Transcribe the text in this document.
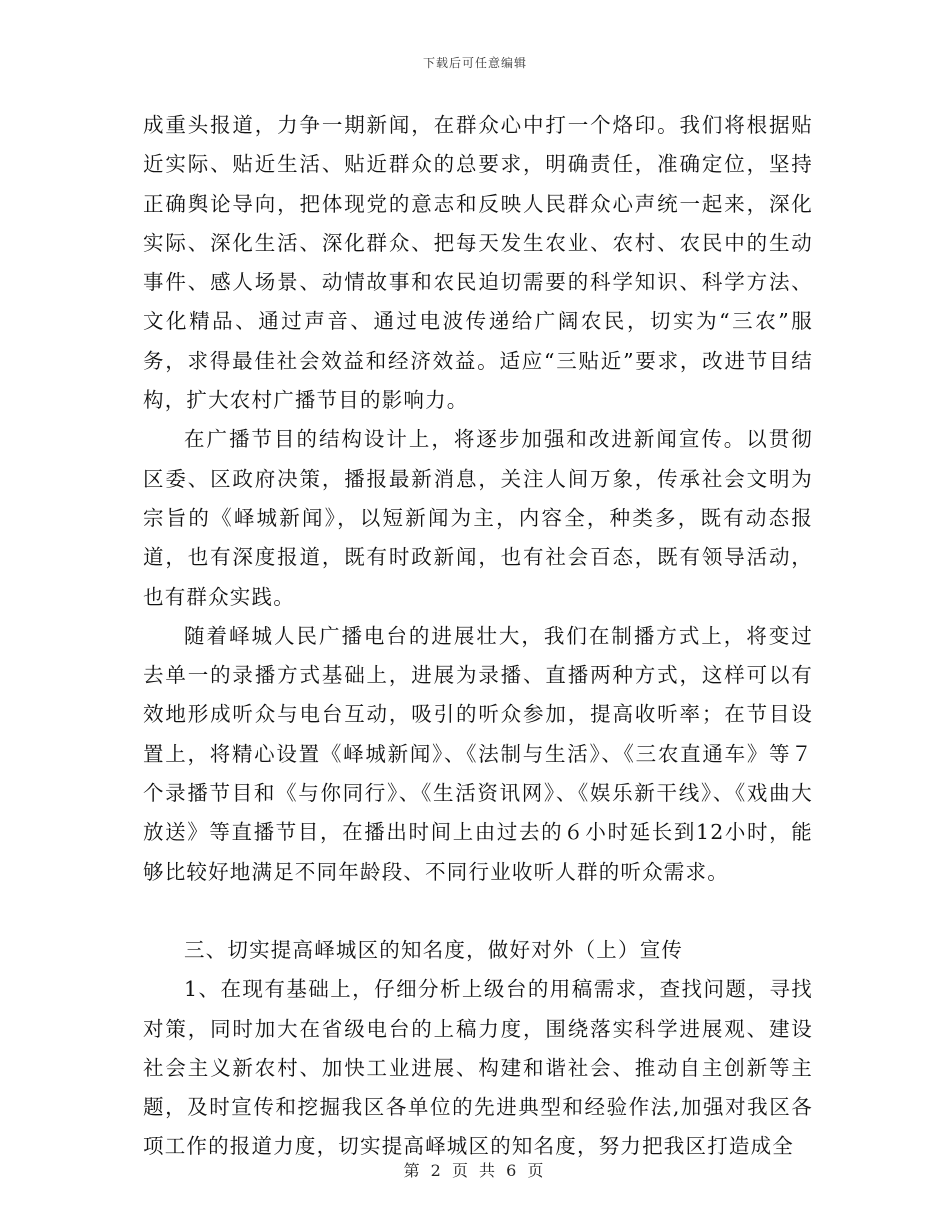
下载后可任意编辑

成重头报道，力争一期新闻，在群众心中打一个烙印。我们将根据贴近实际、贴近生活、贴近群众的总要求，明确责任，准确定位，坚持正确舆论导向，把体现党的意志和反映人民群众心声统一起来，深化实际、深化生活、深化群众、把每天发生农业、农村、农民中的生动事件、感人场景、动情故事和农民迫切需要的科学知识、科学方法、文化精品、通过声音、通过电波传递给广阔农民，切实为“三农”服务，求得最佳社会效益和经济效益。适应“三贴近”要求，改进节目结构，扩大农村广播节目的影响力。

在广播节目的结构设计上，将逐步加强和改进新闻宣传。以贯彻区委、区政府决策，播报最新消息，关注人间万象，传承社会文明为宗旨的《峄城新闻》，以短新闻为主，内容全，种类多，既有动态报道，也有深度报道，既有时政新闻，也有社会百态，既有领导活动，也有群众实践。

随着峄城人民广播电台的进展壮大，我们在制播方式上，将变过去单一的录播方式基础上，进展为录播、直播两种方式，这样可以有效地形成听众与电台互动，吸引的听众参加，提高收听率；在节目设置上，将精心设置《峄城新闻》、《法制与生活》、《三农直通车》等７个录播节目和《与你同行》、《生活资讯网》、《娱乐新干线》、《戏曲大放送》等直播节目，在播出时间上由过去的６小时延长到12小时，能够比较好地满足不同年龄段、不同行业收听人群的听众需求。

三、切实提高峄城区的知名度，做好对外（上）宣传

1、在现有基础上，仔细分析上级台的用稿需求，查找问题，寻找对策，同时加大在省级电台的上稿力度，围绕落实科学进展观、建设社会主义新农村、加快工业进展、构建和谐社会、推动自主创新等主题，及时宣传和挖掘我区各单位的先进典型和经验作法,加强对我区各项工作的报道力度，切实提高峄城区的知名度，努力把我区打造成全

第 2 页 共 6 页
